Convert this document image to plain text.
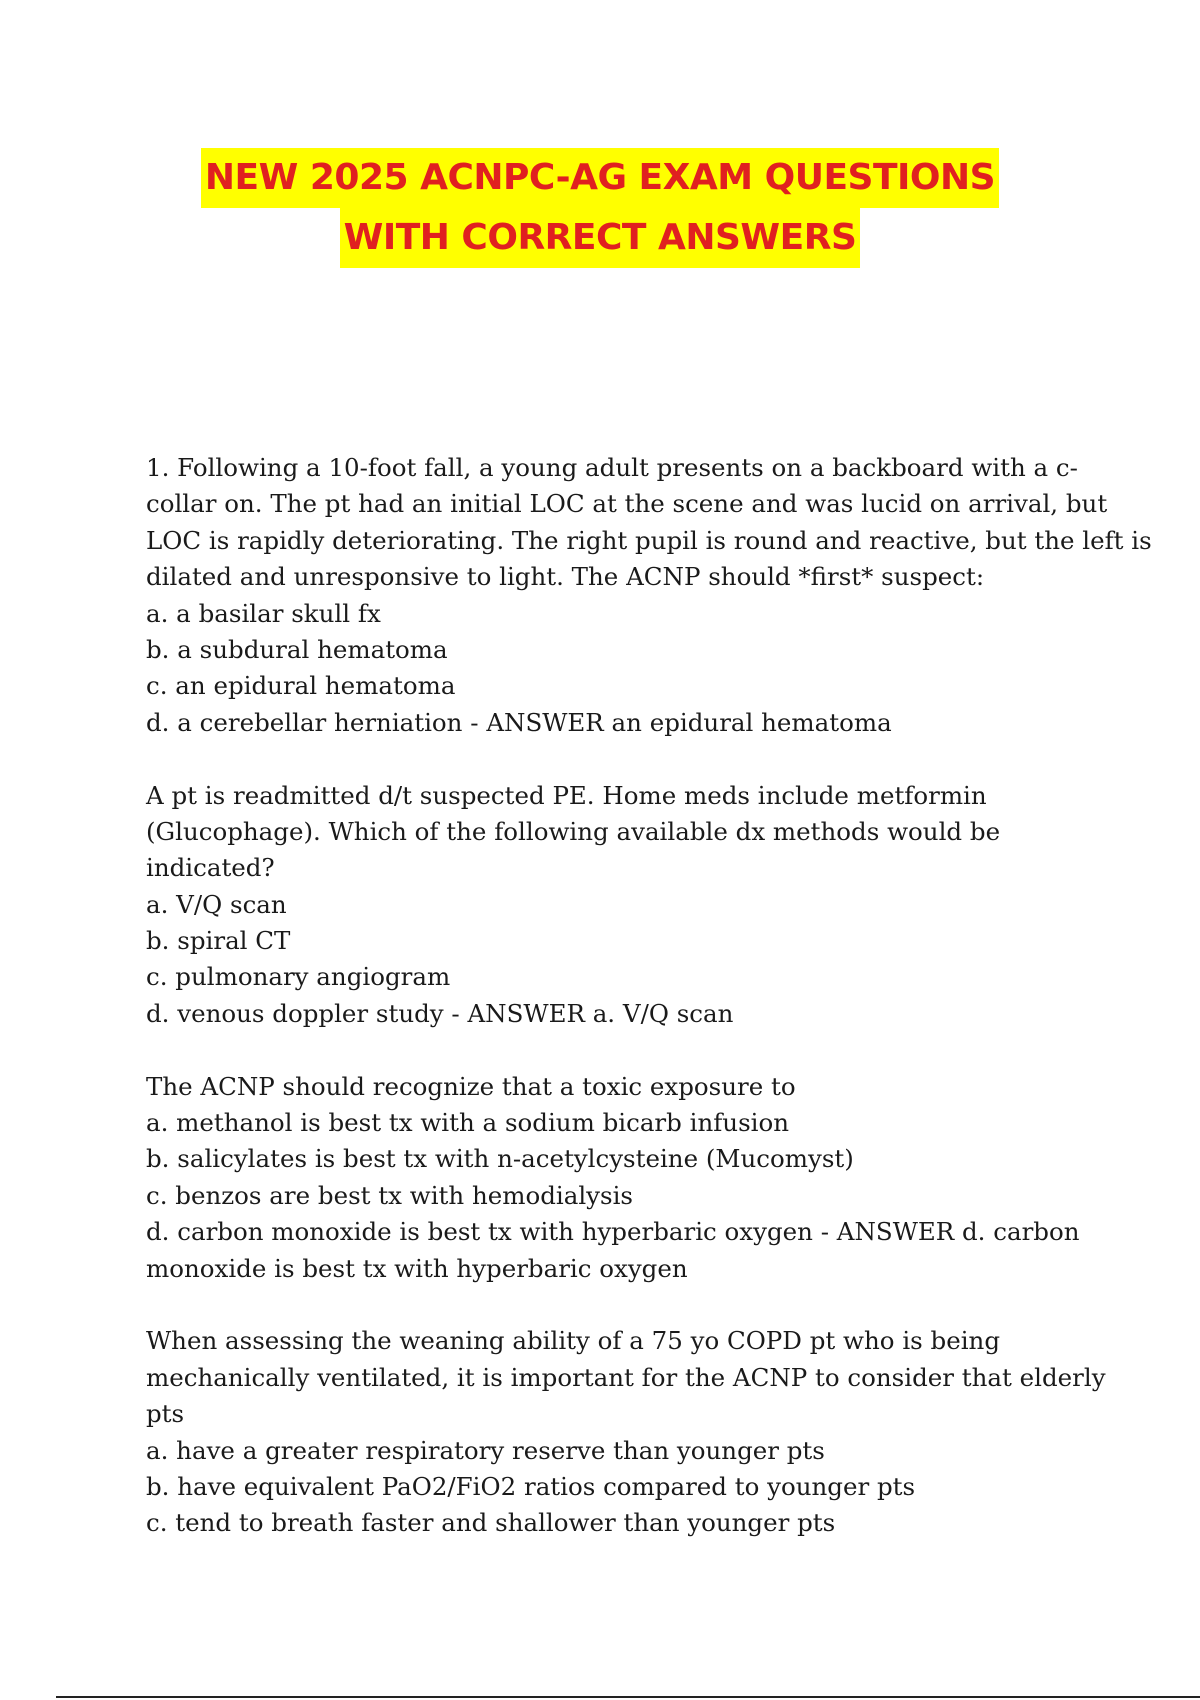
NEW 2025 ACNPC-AG EXAM QUESTIONS
WITH CORRECT ANSWERS

1. Following a 10-foot fall, a young adult presents on a backboard with a c-

collar on. The pt had an initial LOC at the scene and was lucid on arrival, but

LOC is rapidly deteriorating. The right pupil is round and reactive, but the left is

dilated and unresponsive to light. The ACNP should *first* suspect:

a. a basilar skull fx

b. a subdural hematoma

c. an epidural hematoma

d. a cerebellar herniation - ANSWER an epidural hematoma

A pt is readmitted d/t suspected PE. Home meds include metformin

(Glucophage). Which of the following available dx methods would be

indicated?

a. V/Q scan

b. spiral CT

c. pulmonary angiogram

d. venous doppler study - ANSWER a. V/Q scan

The ACNP should recognize that a toxic exposure to

a. methanol is best tx with a sodium bicarb infusion

b. salicylates is best tx with n-acetylcysteine (Mucomyst)

c. benzos are best tx with hemodialysis

d. carbon monoxide is best tx with hyperbaric oxygen - ANSWER d. carbon

monoxide is best tx with hyperbaric oxygen

When assessing the weaning ability of a 75 yo COPD pt who is being

mechanically ventilated, it is important for the ACNP to consider that elderly

pts

a. have a greater respiratory reserve than younger pts

b. have equivalent PaO2/FiO2 ratios compared to younger pts

c. tend to breath faster and shallower than younger pts
